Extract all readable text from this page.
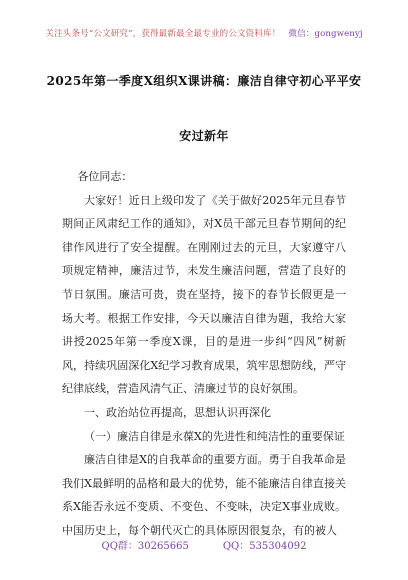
关注头条号“公文研究”，获得最新最全最专业的公文资料库！ 微信：gongwenyj
2025年第一季度X组织X课讲稿：廉洁自律守初心平平安
安过新年

各位同志：

大家好！近日上级印发了《关于做好2025年元旦春节期间正风肃纪工作的通知》，对X员干部元旦春节期间的纪律作风进行了安全提醒。在刚刚过去的元旦，大家遵守八项规定精神，廉洁过节，未发生廉洁问题，营造了良好的节日氛围。廉洁可贵，贵在坚持，接下的春节长假更是一场大考。根据工作安排，今天以廉洁自律为题，我给大家讲授2025年第一季度X课，目的是进一步纠“四风”树新风，持续巩固深化X纪学习教育成果，筑牢思想防线，严守纪律底线，营造风清气正、清廉过节的良好氛围。

一、政治站位再提高，思想认识再深化

（一）廉洁自律是永葆X的先进性和纯洁性的重要保证

廉洁自律是X的自我革命的重要方面。勇于自我革命是我们X最鲜明的品格和最大的优势，能不能廉洁自律直接关系X能否永远不变质、不变色、不变味，决定X事业成败。中国历史上，每个朝代灭亡的具体原因很复杂，有的被人

QQ群：30265665	QQ：535304092
